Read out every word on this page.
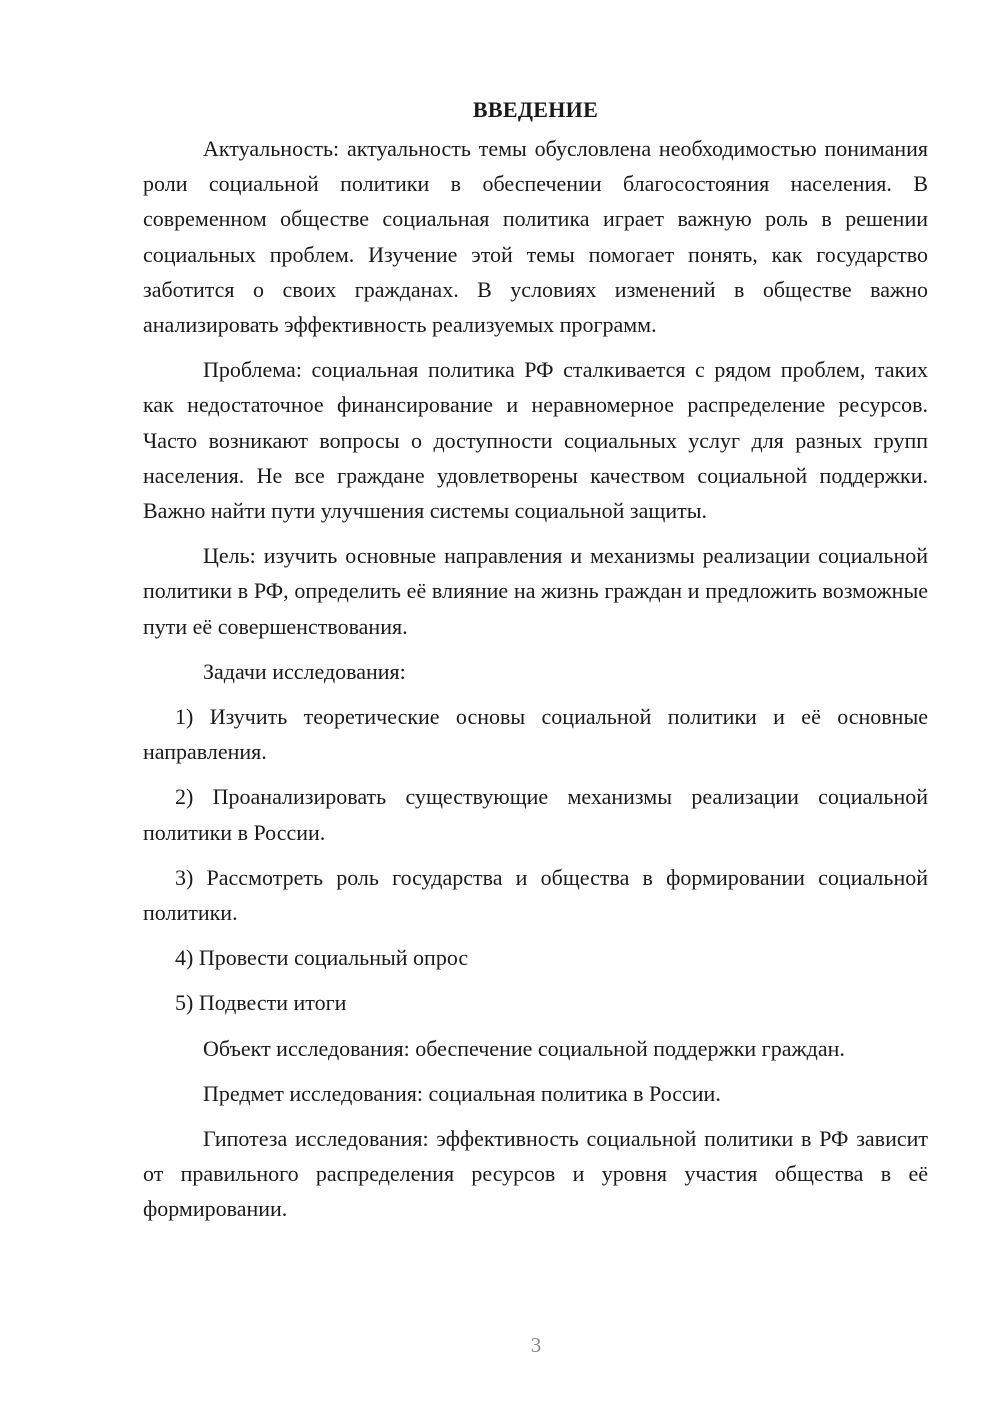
ВВЕДЕНИЕ

Актуальность: актуальность темы обусловлена необходимостью понимания роли социальной политики в обеспечении благосостояния населения. В современном обществе социальная политика играет важную роль в решении социальных проблем. Изучение этой темы помогает понять, как государство заботится о своих гражданах. В условиях изменений в обществе важно анализировать эффективность реализуемых программ.

Проблема: социальная политика РФ сталкивается с рядом проблем, таких как недостаточное финансирование и неравномерное распределение ресурсов. Часто возникают вопросы о доступности социальных услуг для разных групп населения. Не все граждане удовлетворены качеством социальной поддержки. Важно найти пути улучшения системы социальной защиты.

Цель: изучить основные направления и механизмы реализации социальной политики в РФ, определить её влияние на жизнь граждан и предложить возможные пути её совершенствования.

Задачи исследования:

1) Изучить теоретические основы социальной политики и её основные направления.

2) Проанализировать существующие механизмы реализации социальной политики в России.

3) Рассмотреть роль государства и общества в формировании социальной политики.

4) Провести социальный опрос

5) Подвести итоги

Объект исследования: обеспечение социальной поддержки граждан.

Предмет исследования: социальная политика в России.

Гипотеза исследования: эффективность социальной политики в РФ зависит от правильного распределения ресурсов и уровня участия общества в её формировании.

3
